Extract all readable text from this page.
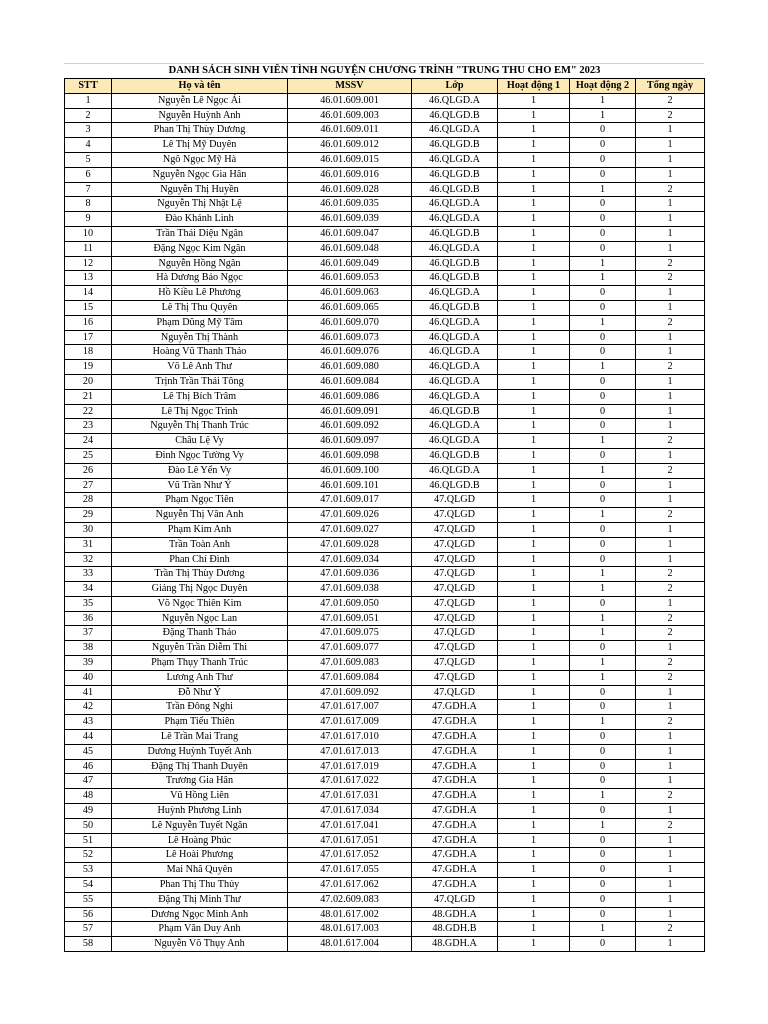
DANH SÁCH SINH VIÊN TÌNH NGUYỆN CHƯƠNG TRÌNH "TRUNG THU CHO EM" 2023						
STT	Họ và tên	MSSV	Lớp	Hoạt động 1	Hoạt động 2	Tổng ngày
1	Nguyễn Lê Ngọc Ái	46.01.609.001	46.QLGD.A	1	1	2
2	Nguyễn Huỳnh Anh	46.01.609.003	46.QLGD.B	1	1	2
3	Phan Thị Thùy Dương	46.01.609.011	46.QLGD.A	1	0	1
4	Lê Thị Mỹ Duyên	46.01.609.012	46.QLGD.B	1	0	1
5	Ngô Ngọc Mỹ Hà	46.01.609.015	46.QLGD.A	1	0	1
6	Nguyễn Ngọc Gia Hân	46.01.609.016	46.QLGD.B	1	0	1
7	Nguyễn Thị Huyền	46.01.609.028	46.QLGD.B	1	1	2
8	Nguyễn Thị Nhật Lệ	46.01.609.035	46.QLGD.A	1	0	1
9	Đào Khánh Linh	46.01.609.039	46.QLGD.A	1	0	1
10	Trần Thái Diệu Ngân	46.01.609.047	46.QLGD.B	1	0	1
11	Đặng Ngọc Kim Ngân	46.01.609.048	46.QLGD.A	1	0	1
12	Nguyễn Hồng Ngân	46.01.609.049	46.QLGD.B	1	1	2
13	Hà Dương Bảo Ngọc	46.01.609.053	46.QLGD.B	1	1	2
14	Hồ Kiều Lê Phương	46.01.609.063	46.QLGD.A	1	0	1
15	Lê Thị Thu Quyên	46.01.609.065	46.QLGD.B	1	0	1
16	Phạm Dũng Mỹ Tâm	46.01.609.070	46.QLGD.A	1	1	2
17	Nguyễn Thị Thành	46.01.609.073	46.QLGD.A	1	0	1
18	Hoàng Vũ Thanh Thảo	46.01.609.076	46.QLGD.A	1	0	1
19	Võ Lê Anh Thư	46.01.609.080	46.QLGD.A	1	1	2
20	Trịnh Trần Thái Tông	46.01.609.084	46.QLGD.A	1	0	1
21	Lê Thị Bích Trâm	46.01.609.086	46.QLGD.A	1	0	1
22	Lê Thị Ngọc Trinh	46.01.609.091	46.QLGD.B	1	0	1
23	Nguyễn Thị Thanh Trúc	46.01.609.092	46.QLGD.A	1	0	1
24	Châu Lệ Vy	46.01.609.097	46.QLGD.A	1	1	2
25	Đinh Ngọc Tường Vy	46.01.609.098	46.QLGD.B	1	0	1
26	Đào Lê Yến Vy	46.01.609.100	46.QLGD.A	1	1	2
27	Vũ Trần Như Ý	46.01.609.101	46.QLGD.B	1	0	1
28	Phạm Ngọc Tiên	47.01.609.017	47.QLGD	1	0	1
29	Nguyễn Thị Vân Anh	47.01.609.026	47.QLGD	1	1	2
30	Phạm Kim Anh	47.01.609.027	47.QLGD	1	0	1
31	Trần Toàn Anh	47.01.609.028	47.QLGD	1	0	1
32	Phan Chí Đình	47.01.609.034	47.QLGD	1	0	1
33	Trần Thị Thùy Dương	47.01.609.036	47.QLGD	1	1	2
34	Giảng Thị Ngọc Duyên	47.01.609.038	47.QLGD	1	1	2
35	Võ Ngọc Thiên Kim	47.01.609.050	47.QLGD	1	0	1
36	Nguyễn Ngọc Lan	47.01.609.051	47.QLGD	1	1	2
37	Đặng Thanh Thảo	47.01.609.075	47.QLGD	1	1	2
38	Nguyễn Trần Diễm Thi	47.01.609.077	47.QLGD	1	0	1
39	Phạm Thụy Thanh Trúc	47.01.609.083	47.QLGD	1	1	2
40	Lương Anh Thư	47.01.609.084	47.QLGD	1	1	2
41	Đỗ Như Ý	47.01.609.092	47.QLGD	1	0	1
42	Trần Đông Nghi	47.01.617.007	47.GDH.A	1	0	1
43	Phạm Tiểu Thiên	47.01.617.009	47.GDH.A	1	1	2
44	Lê Trần Mai Trang	47.01.617.010	47.GDH.A	1	0	1
45	Dương Huỳnh Tuyết Anh	47.01.617.013	47.GDH.A	1	0	1
46	Đặng Thị Thanh Duyên	47.01.617.019	47.GDH.A	1	0	1
47	Trương Gia Hân	47.01.617.022	47.GDH.A	1	0	1
48	Vũ Hồng Liên	47.01.617.031	47.GDH.A	1	1	2
49	Huỳnh Phương Linh	47.01.617.034	47.GDH.A	1	0	1
50	Lê Nguyễn Tuyết Ngân	47.01.617.041	47.GDH.A	1	1	2
51	Lê Hoàng Phúc	47.01.617.051	47.GDH.A	1	0	1
52	Lê Hoài Phương	47.01.617.052	47.GDH.A	1	0	1
53	Mai Nhã Quyên	47.01.617.055	47.GDH.A	1	0	1
54	Phan Thị Thu Thủy	47.01.617.062	47.GDH.A	1	0	1
55	Đặng Thị Minh Thư	47.02.609.083	47.QLGD	1	0	1
56	Dương Ngọc Minh Anh	48.01.617.002	48.GDH.A	1	0	1
57	Phạm Văn Duy Anh	48.01.617.003	48.GDH.B	1	1	2
58	Nguyễn Võ Thụy Anh	48.01.617.004	48.GDH.A	1	0	1
